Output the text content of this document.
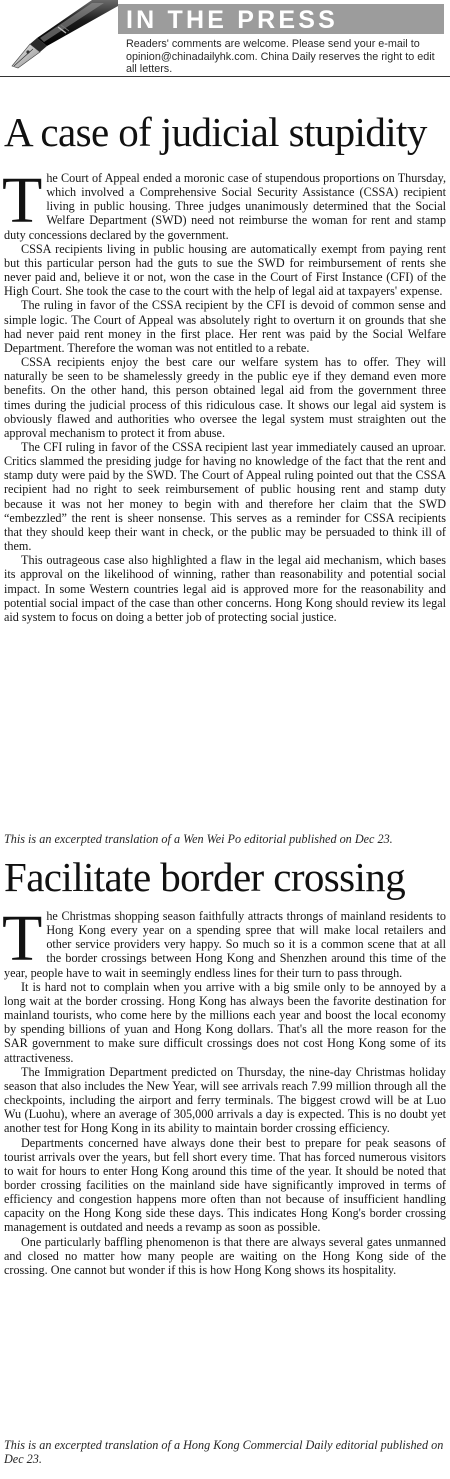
IN THE PRESS
Readers' comments are welcome. Please send your e-mail to opinion@chinadailyhk.com. China Daily reserves the right to edit all letters.
A case of judicial stupidity

The Court of Appeal ended a moronic case of stupendous proportions on Thursday, which involved a Comprehensive Social Security Assistance (CSSA) recipient living in public housing. Three judges unanimously determined that the Social Welfare Department (SWD) need not reimburse the woman for rent and stamp duty concessions declared by the government.

CSSA recipients living in public housing are automatically exempt from paying rent but this particular person had the guts to sue the SWD for reimbursement of rents she never paid and, believe it or not, won the case in the Court of First Instance (CFI) of the High Court. She took the case to the court with the help of legal aid at taxpayers' expense.

The ruling in favor of the CSSA recipient by the CFI is devoid of common sense and simple logic. The Court of Appeal was absolutely right to overturn it on grounds that she had never paid rent money in the first place. Her rent was paid by the Social Welfare Department. Therefore the woman was not entitled to a rebate.

CSSA recipients enjoy the best care our welfare system has to offer. They will naturally be seen to be shamelessly greedy in the public eye if they demand even more benefits. On the other hand, this person obtained legal aid from the government three times during the judicial process of this ridiculous case. It shows our legal aid system is obviously flawed and authorities who oversee the legal system must straighten out the approval mechanism to protect it from abuse.

The CFI ruling in favor of the CSSA recipient last year immediately caused an uproar. Critics slammed the presiding judge for having no knowledge of the fact that the rent and stamp duty were paid by the SWD. The Court of Appeal ruling pointed out that the CSSA recipient had no right to seek reimbursement of public housing rent and stamp duty because it was not her money to begin with and therefore her claim that the SWD “embezzled” the rent is sheer nonsense. This serves as a reminder for CSSA recipients that they should keep their want in check, or the public may be persuaded to think ill of them.

This outrageous case also highlighted a flaw in the legal aid mechanism, which bases its approval on the likelihood of winning, rather than reasonability and potential social impact. In some Western countries legal aid is approved more for the reasonability and potential social impact of the case than other concerns. Hong Kong should review its legal aid system to focus on doing a better job of protecting social justice.

This is an excerpted translation of a Wen Wei Po editorial published on Dec 23.

Facilitate border crossing

The Christmas shopping season faithfully attracts throngs of mainland residents to Hong Kong every year on a spending spree that will make local retailers and other service providers very happy. So much so it is a common scene that at all the border crossings between Hong Kong and Shenzhen around this time of the year, people have to wait in seemingly endless lines for their turn to pass through.

It is hard not to complain when you arrive with a big smile only to be annoyed by a long wait at the border crossing. Hong Kong has always been the favorite destination for mainland tourists, who come here by the millions each year and boost the local economy by spending billions of yuan and Hong Kong dollars. That's all the more reason for the SAR government to make sure difficult crossings does not cost Hong Kong some of its attractiveness.

The Immigration Department predicted on Thursday, the nine-day Christmas holiday season that also includes the New Year, will see arrivals reach 7.99 million through all the checkpoints, including the airport and ferry terminals. The biggest crowd will be at Luo Wu (Luohu), where an average of 305,000 arrivals a day is expected. This is no doubt yet another test for Hong Kong in its ability to maintain border crossing efficiency.

Departments concerned have always done their best to prepare for peak seasons of tourist arrivals over the years, but fell short every time. That has forced numerous visitors to wait for hours to enter Hong Kong around this time of the year. It should be noted that border crossing facilities on the mainland side have significantly improved in terms of efficiency and congestion happens more often than not because of insufficient handling capacity on the Hong Kong side these days. This indicates Hong Kong's border crossing management is outdated and needs a revamp as soon as possible.

One particularly baffling phenomenon is that there are always several gates unmanned and closed no matter how many people are waiting on the Hong Kong side of the crossing. One cannot but wonder if this is how Hong Kong shows its hospitality.

This is an excerpted translation of a Hong Kong Commercial Daily editorial published on Dec 23.
